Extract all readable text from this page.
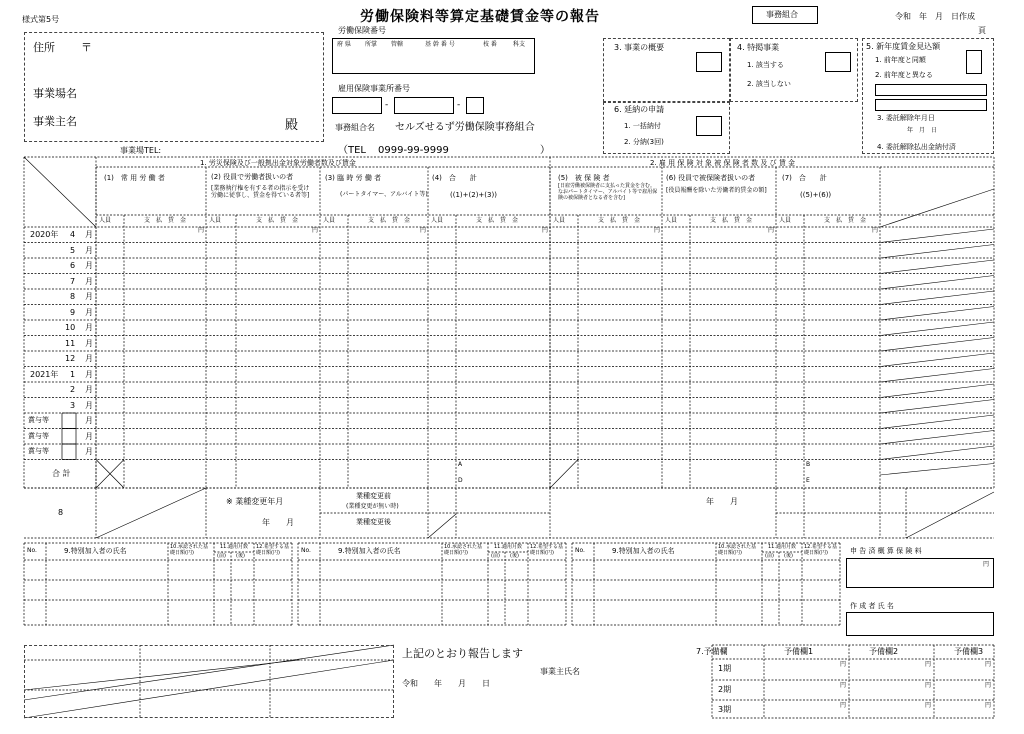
様式第5号	労働保険料等算定基礎賃金等の報告	事務組合	令和　年　月　日作成
頁
住所 〒
事業場名
事業主名	殿
労働保険番号
府 県 所掌 管轄	基 幹 番 号	枝 番	科支
雇用保険事業所番号
-	-
事務組合名 セルズせるず労働保険事務組合
3. 事業の概要	4. 特掲事業
1. 該当する
2. 該当しない
6. 延納の申請
1. 一括納付
2. 分納(3回)
5. 新年度賃金見込額
1. 前年度と同額
2. 前年度と異なる
3. 委託解除年月日
年　月　日
4. 委託解除払出金納付済
事業場TEL:	（TEL 0999-99-9999	）
1. 労災保険及び一般拠出金対象労働者数及び賃金	2. 雇 用 保 険 対 象 被 保 険 者 数 及 び 賃 金
(1)　常 用 労 働 者	(2) 役員で労働者扱いの者
[業務執行権を有する者の指示を受け労働に従事し、賃金を得ている者等]
(3) 臨 時 労 働 者
(パートタイマー、アルバイト等)
(4)　合　　計
((1)+(2)+(3))
(5)　被 保 険 者
[日雇労働被保険者に支払った賃金を含む。なおパートタイマー、アルバイト等で雇用保険の被保険者となる者を含む]
(6) 役員で被保険者扱いの者
[役員報酬を除いた労働者的賃金の額]
(7)　合　　計
((5)+(6))
人員	支　払　賃　金
円
人員	支　払　賃　金
円
人員	支　払　賃　金
円
人員	支　払　賃　金
円
人員	支　払　賃　金
円
人員	支　払　賃　金
円
人員	支　払　賃　金
円
2020年 4 月
5 月
6 月
7 月
8 月
9 月
10 月
11 月
12 月
2021年 1 月
2 月
3 月
賞与等	月
賞与等	月
賞与等	月
合 計
A
D
B
E
8
※ 業種変更年月
年　　月
業種変更前
(業種変更が無い時)
業種変更後
年　　月
No.	9.特別加入者の氏名	10.承認された基礎日額(円)
11.適用月数
(前) (後)
12.希望する基礎日額(円)	No.	9.特別加入者の氏名	10.承認された基礎日額(円)
11.適用月数
(前) (後)
12.希望する基礎日額(円)	No.	9.特別加入者の氏名	10.承認された基礎日額(円)
11.適用月数
(前) (後)
12.希望する基礎日額(円)	申 告 済 概 算 保 険 料
円
作 成 者 氏 名
上記のとおり報告します
事業主氏名
令和　　年　　月　　日
7.予備欄	予備欄1	予備欄2	予備欄3
1期	円	円	円
2期	円	円	円
3期	円	円	円
